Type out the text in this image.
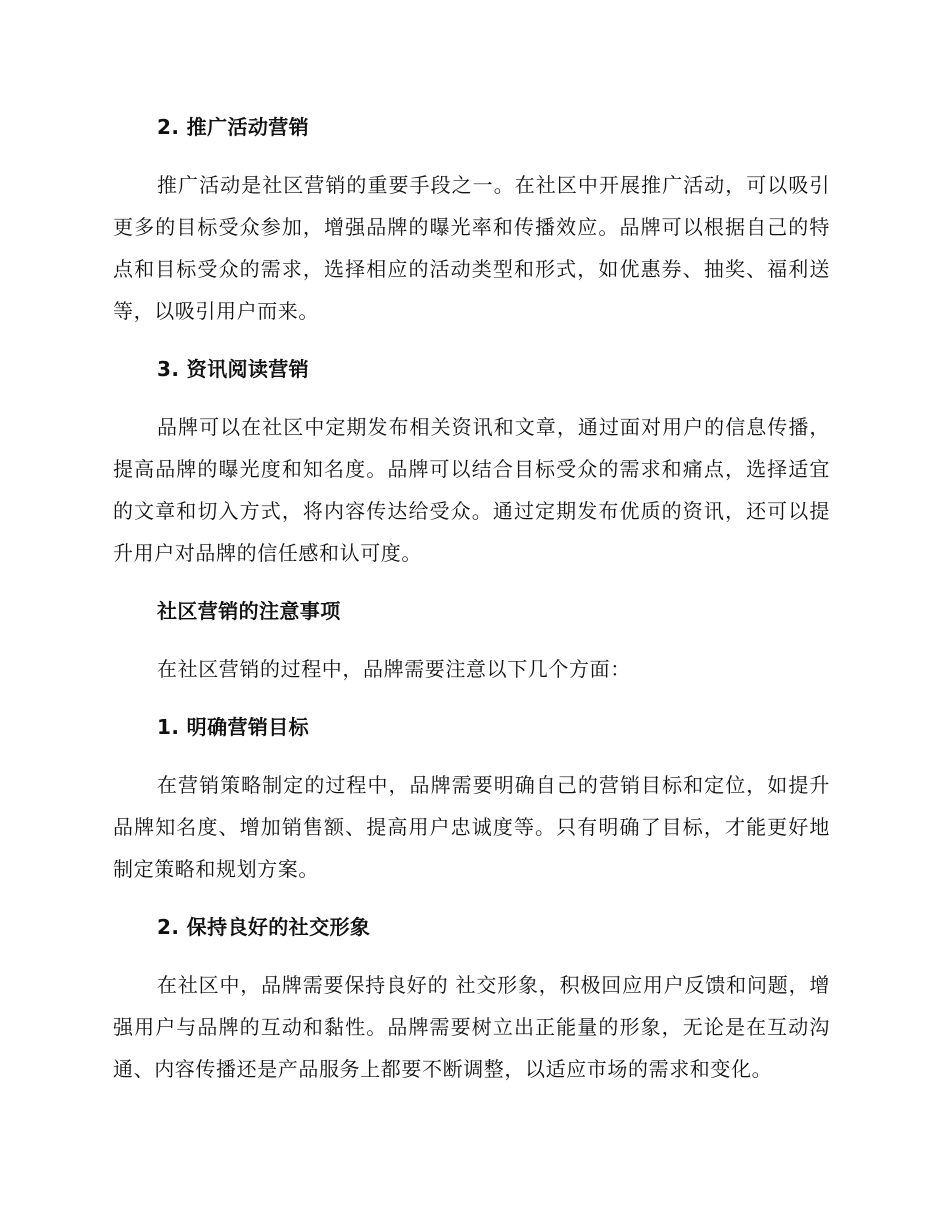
2. 推广活动营销

推广活动是社区营销的重要手段之一。在社区中开展推广活动，可以吸引更多的目标受众参加，增强品牌的曝光率和传播效应。品牌可以根据自己的特点和目标受众的需求，选择相应的活动类型和形式，如优惠券、抽奖、福利送等，以吸引用户而来。

3. 资讯阅读营销

品牌可以在社区中定期发布相关资讯和文章，通过面对用户的信息传播，提高品牌的曝光度和知名度。品牌可以结合目标受众的需求和痛点，选择适宜的文章和切入方式，将内容传达给受众。通过定期发布优质的资讯，还可以提升用户对品牌的信任感和认可度。

社区营销的注意事项

在社区营销的过程中，品牌需要注意以下几个方面：

1. 明确营销目标

在营销策略制定的过程中，品牌需要明确自己的营销目标和定位，如提升品牌知名度、增加销售额、提高用户忠诚度等。只有明确了目标，才能更好地制定策略和规划方案。

2. 保持良好的社交形象

在社区中，品牌需要保持良好的 社交形象，积极回应用户反馈和问题，增强用户与品牌的互动和黏性。品牌需要树立出正能量的形象，无论是在互动沟通、内容传播还是产品服务上都要不断调整，以适应市场的需求和变化。
